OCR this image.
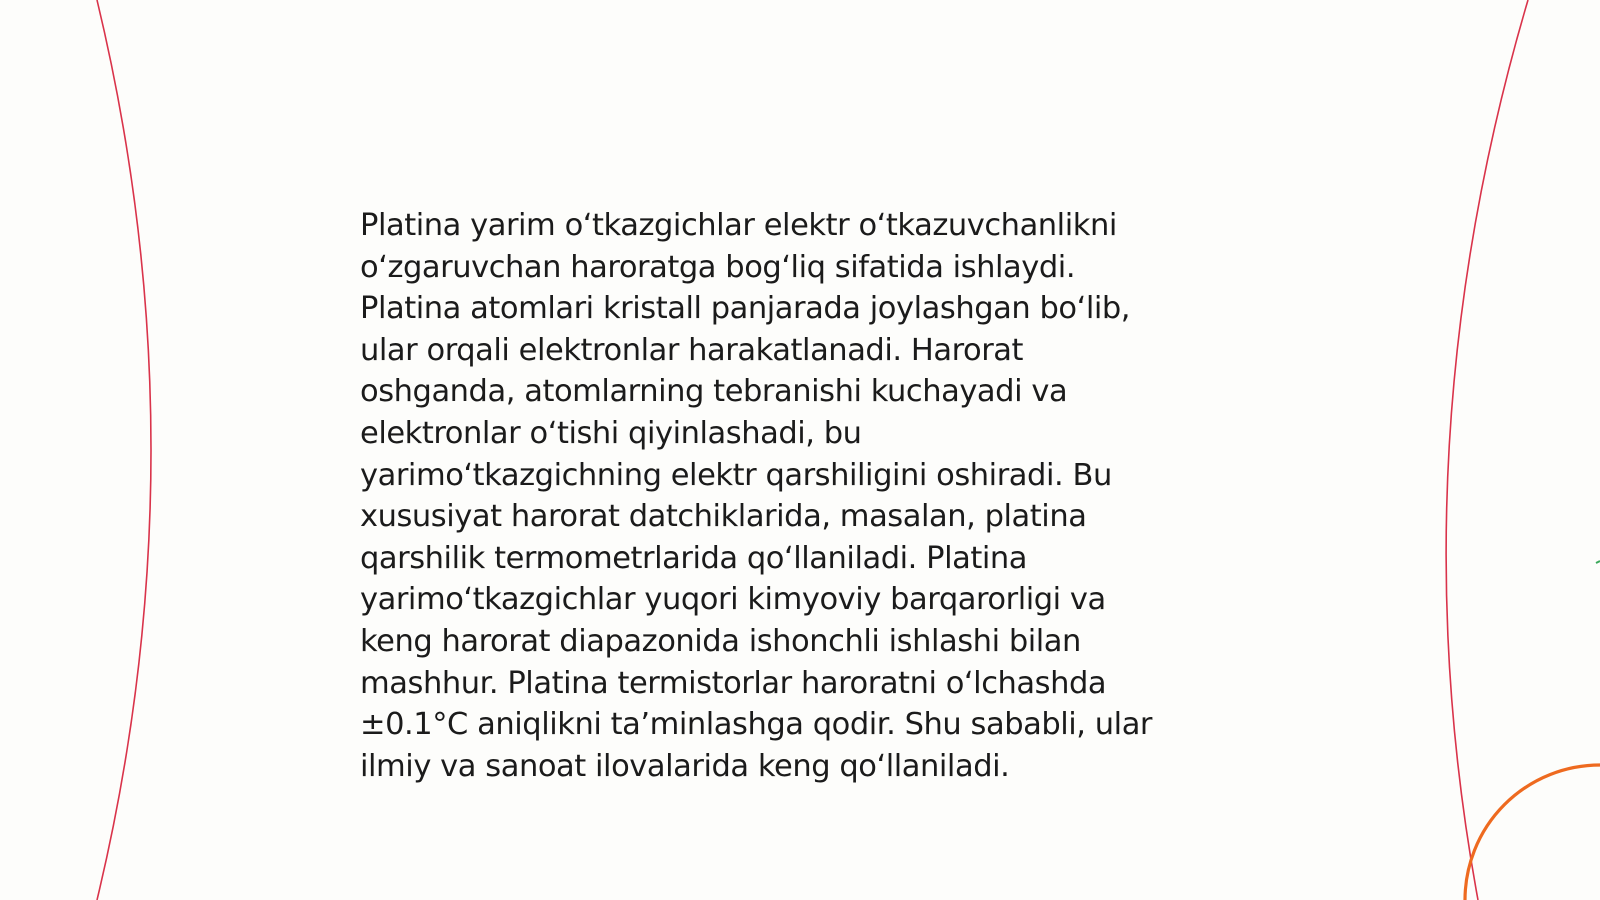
Platina yarim o‘tkazgichlar elektr o‘tkazuvchanlikni
o‘zgaruvchan haroratga bog‘liq sifatida ishlaydi.
Platina atomlari kristall panjarada joylashgan bo‘lib,
ular orqali elektronlar harakatlanadi. Harorat
oshganda, atomlarning tebranishi kuchayadi va
elektronlar o‘tishi qiyinlashadi, bu
yarimo‘tkazgichning elektr qarshiligini oshiradi. Bu
xususiyat harorat datchiklarida, masalan, platina
qarshilik termometrlarida qo‘llaniladi. Platina
yarimo‘tkazgichlar yuqori kimyoviy barqarorligi va
keng harorat diapazonida ishonchli ishlashi bilan
mashhur. Platina termistorlar haroratni o‘lchashda
±0.1°C aniqlikni ta’minlashga qodir. Shu sababli, ular
ilmiy va sanoat ilovalarida keng qo‘llaniladi.
